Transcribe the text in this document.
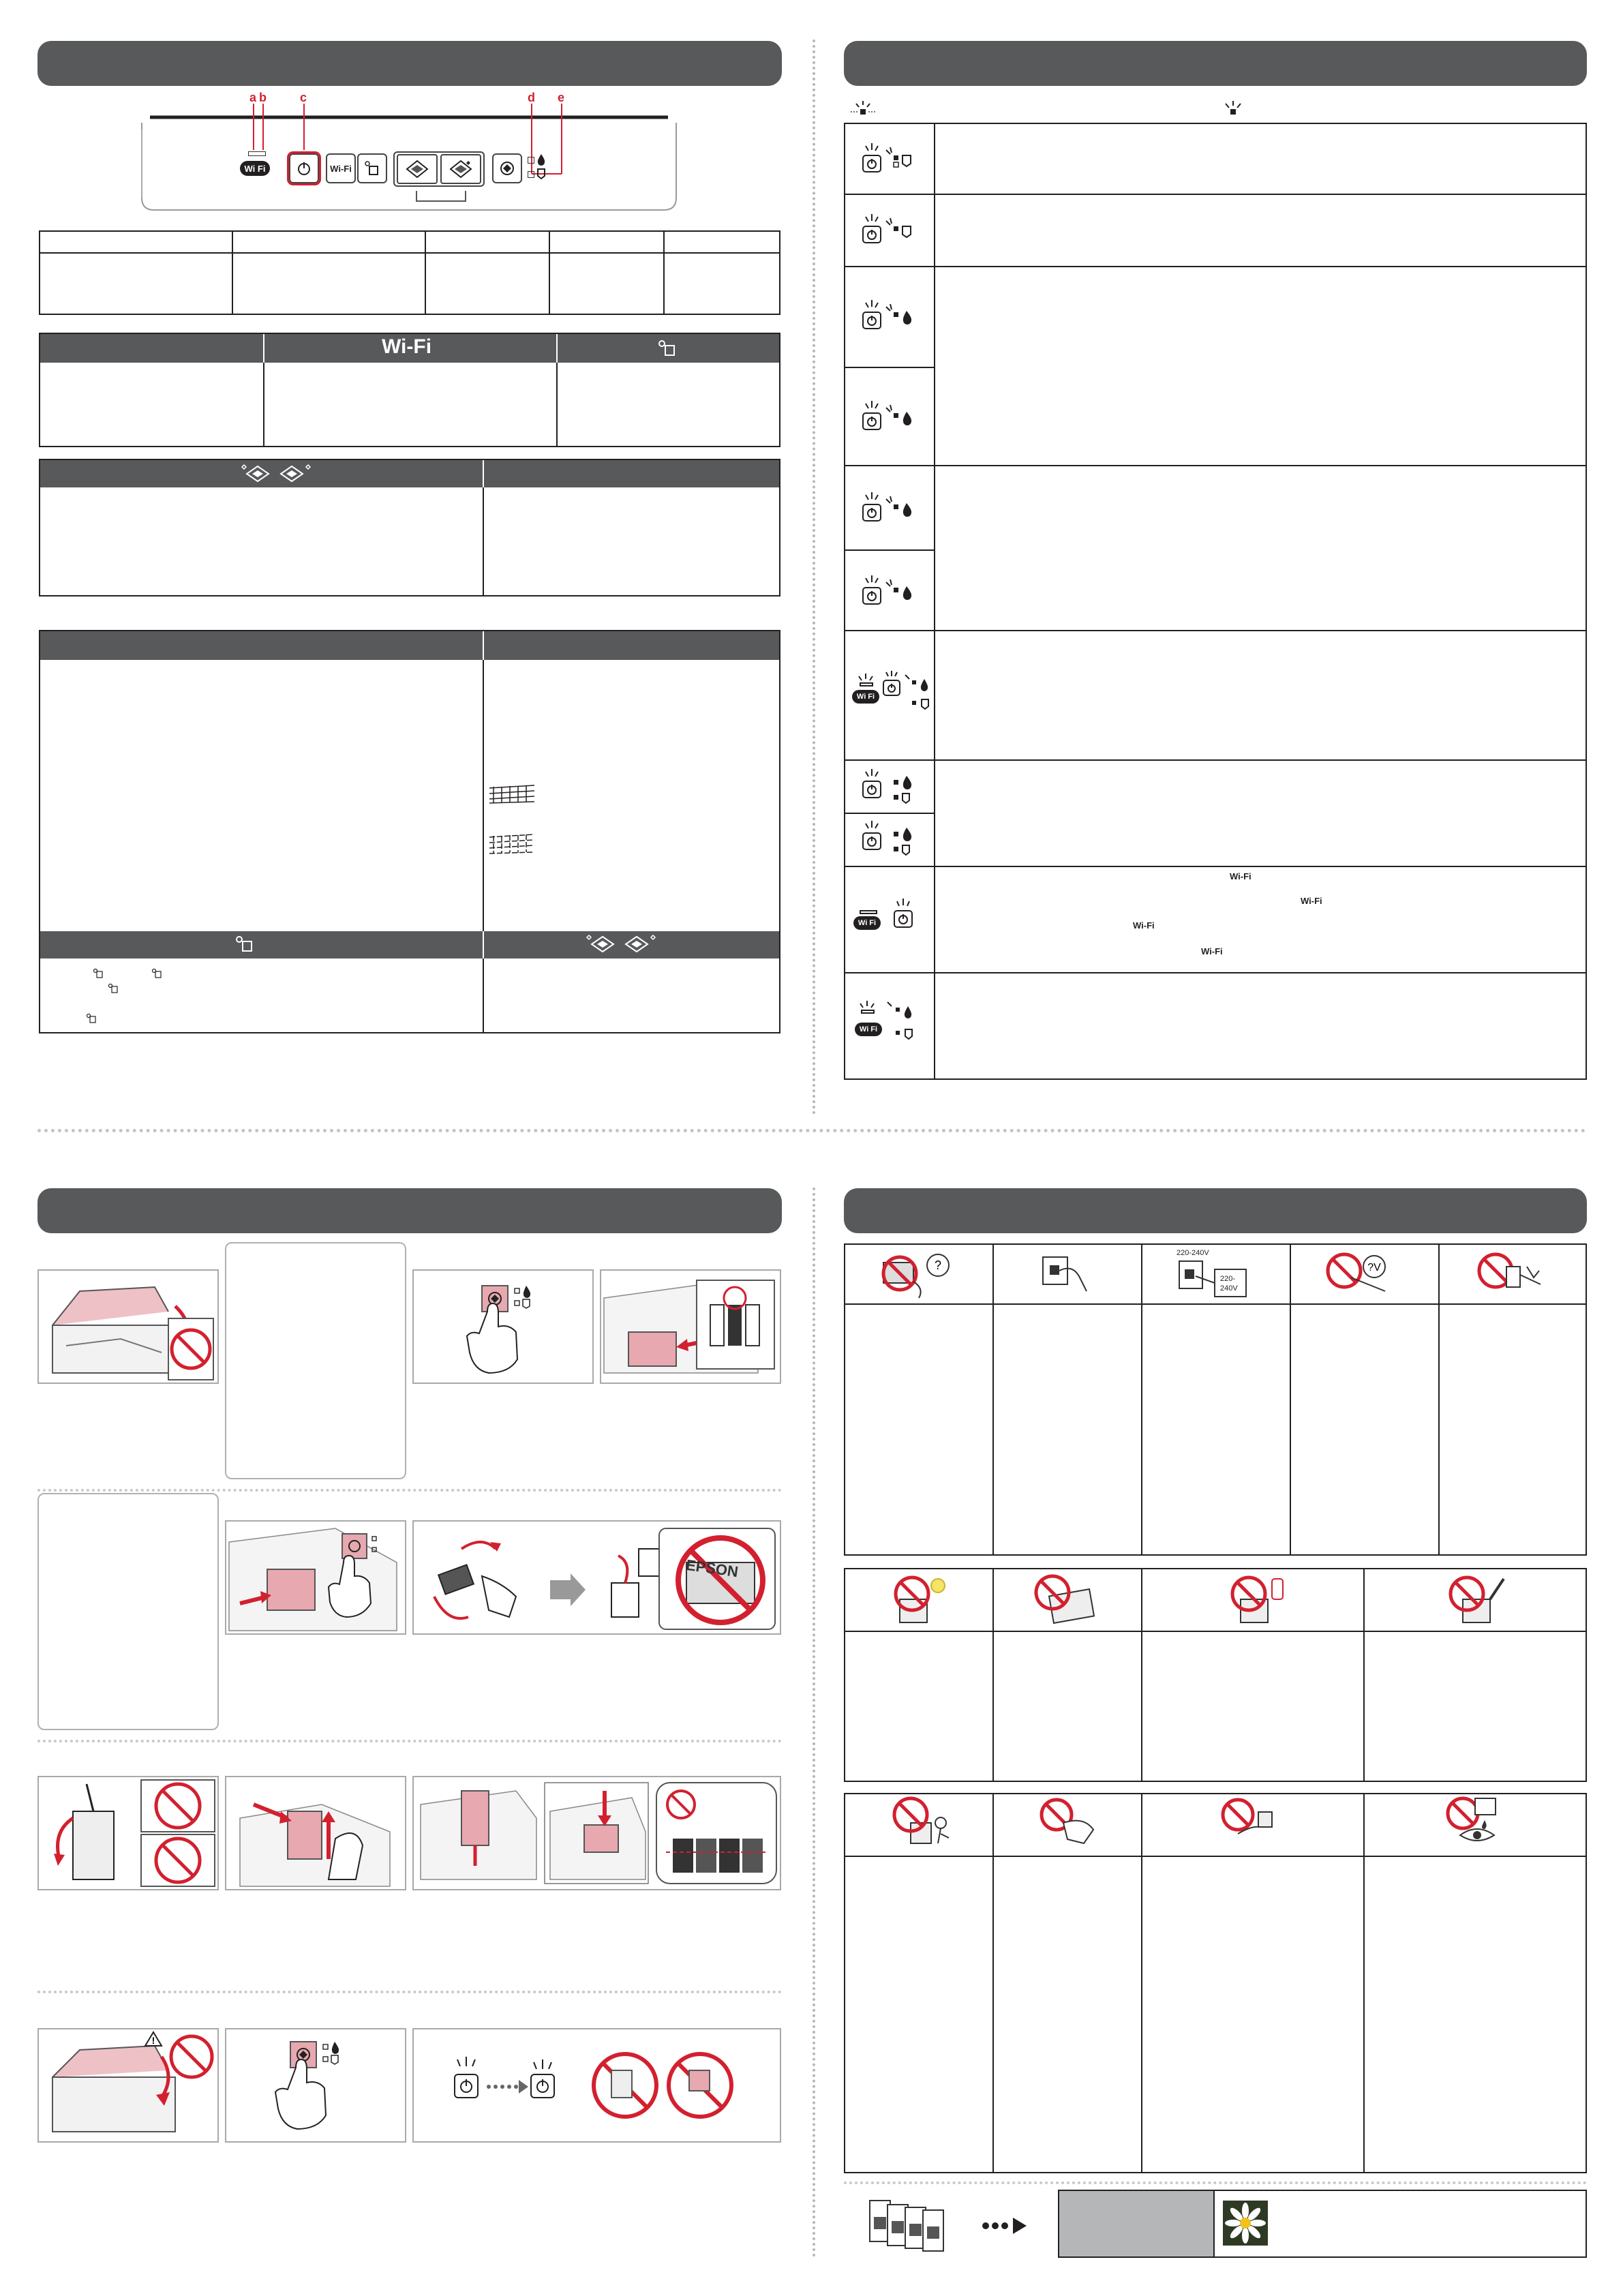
a b	c	d e
Wi Fi	Wi-Fi
Wi-Fi
Wi Fi
Wi Fi
Wi-Fi
Wi-Fi
Wi-Fi
Wi-Fi
Wi Fi
EPSON
!
?
220-240V
220-
240V
?V
